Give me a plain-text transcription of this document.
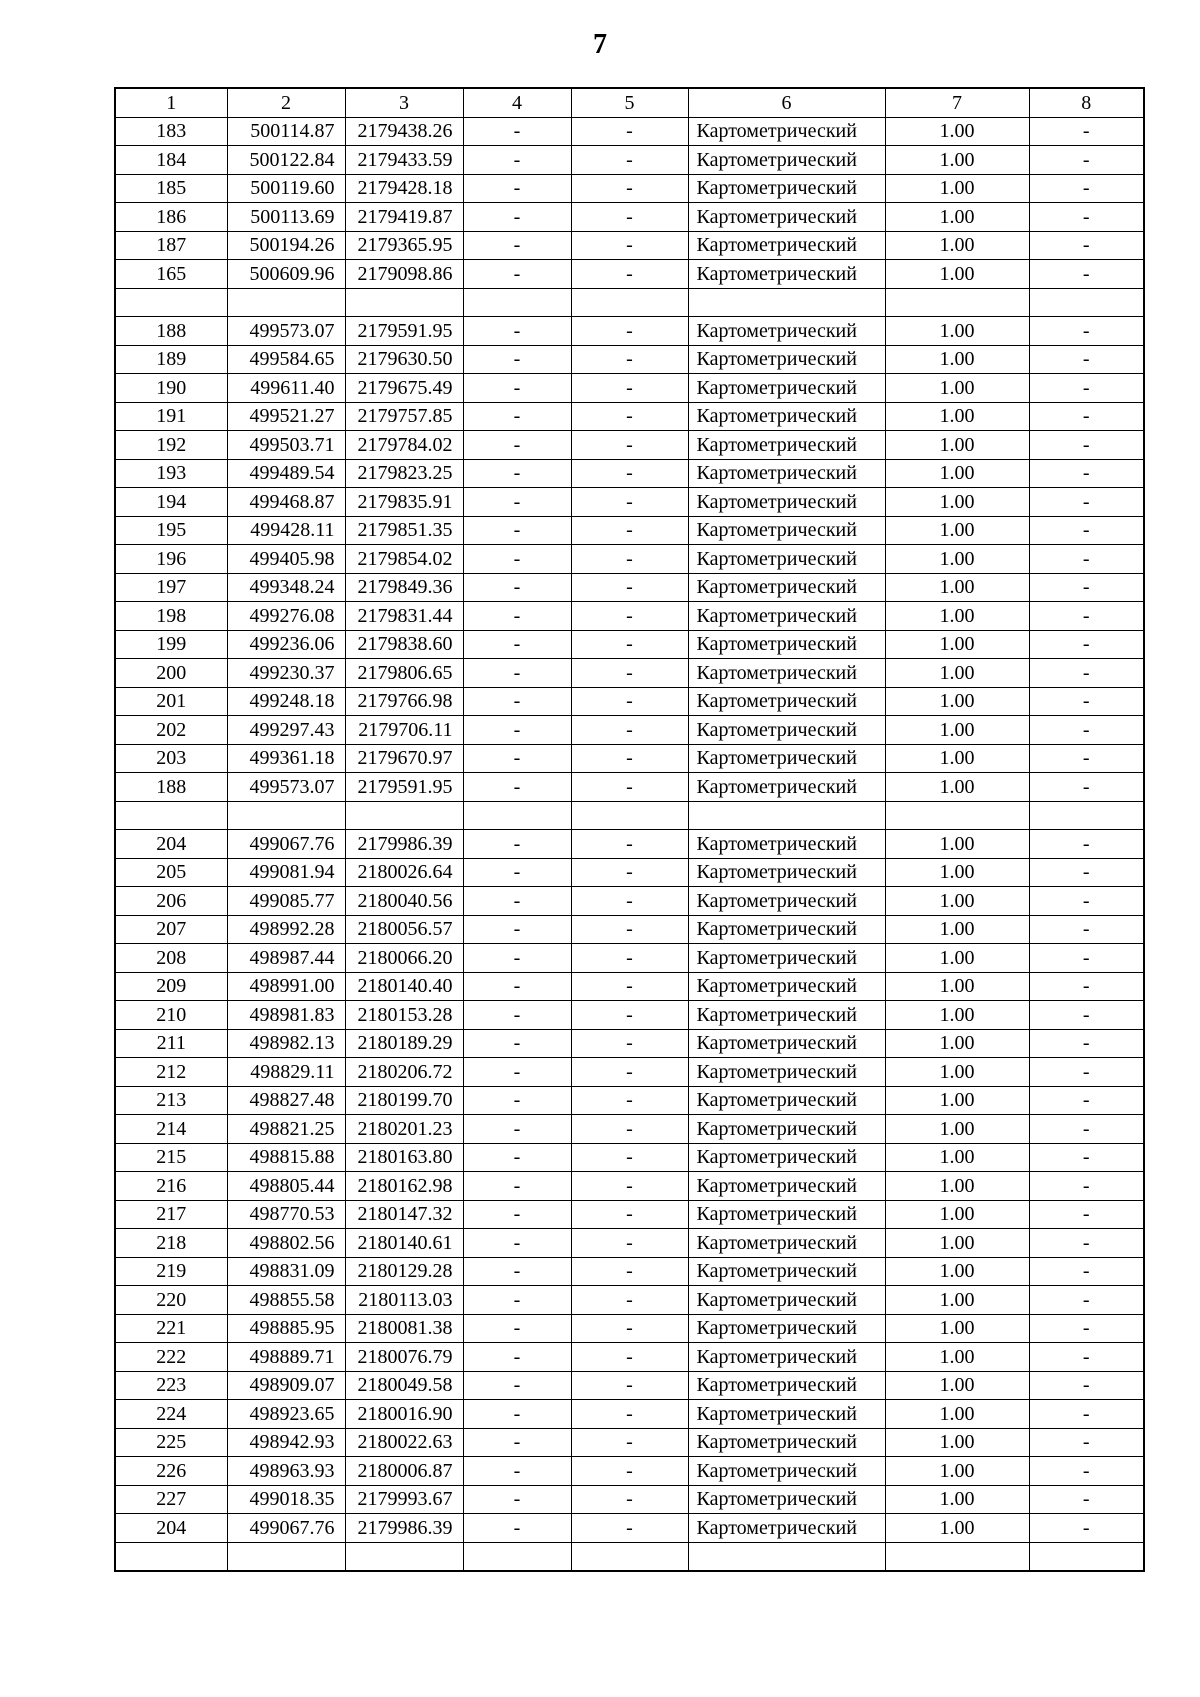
7
1	2	3	4	5	6	7	8
183	500114.87	2179438.26	-	-	Картометрический	1.00	-
184	500122.84	2179433.59	-	-	Картометрический	1.00	-
185	500119.60	2179428.18	-	-	Картометрический	1.00	-
186	500113.69	2179419.87	-	-	Картометрический	1.00	-
187	500194.26	2179365.95	-	-	Картометрический	1.00	-
165	500609.96	2179098.86	-	-	Картометрический	1.00	-

188	499573.07	2179591.95	-	-	Картометрический	1.00	-
189	499584.65	2179630.50	-	-	Картометрический	1.00	-
190	499611.40	2179675.49	-	-	Картометрический	1.00	-
191	499521.27	2179757.85	-	-	Картометрический	1.00	-
192	499503.71	2179784.02	-	-	Картометрический	1.00	-
193	499489.54	2179823.25	-	-	Картометрический	1.00	-
194	499468.87	2179835.91	-	-	Картометрический	1.00	-
195	499428.11	2179851.35	-	-	Картометрический	1.00	-
196	499405.98	2179854.02	-	-	Картометрический	1.00	-
197	499348.24	2179849.36	-	-	Картометрический	1.00	-
198	499276.08	2179831.44	-	-	Картометрический	1.00	-
199	499236.06	2179838.60	-	-	Картометрический	1.00	-
200	499230.37	2179806.65	-	-	Картометрический	1.00	-
201	499248.18	2179766.98	-	-	Картометрический	1.00	-
202	499297.43	2179706.11	-	-	Картометрический	1.00	-
203	499361.18	2179670.97	-	-	Картометрический	1.00	-
188	499573.07	2179591.95	-	-	Картометрический	1.00	-

204	499067.76	2179986.39	-	-	Картометрический	1.00	-
205	499081.94	2180026.64	-	-	Картометрический	1.00	-
206	499085.77	2180040.56	-	-	Картометрический	1.00	-
207	498992.28	2180056.57	-	-	Картометрический	1.00	-
208	498987.44	2180066.20	-	-	Картометрический	1.00	-
209	498991.00	2180140.40	-	-	Картометрический	1.00	-
210	498981.83	2180153.28	-	-	Картометрический	1.00	-
211	498982.13	2180189.29	-	-	Картометрический	1.00	-
212	498829.11	2180206.72	-	-	Картометрический	1.00	-
213	498827.48	2180199.70	-	-	Картометрический	1.00	-
214	498821.25	2180201.23	-	-	Картометрический	1.00	-
215	498815.88	2180163.80	-	-	Картометрический	1.00	-
216	498805.44	2180162.98	-	-	Картометрический	1.00	-
217	498770.53	2180147.32	-	-	Картометрический	1.00	-
218	498802.56	2180140.61	-	-	Картометрический	1.00	-
219	498831.09	2180129.28	-	-	Картометрический	1.00	-
220	498855.58	2180113.03	-	-	Картометрический	1.00	-
221	498885.95	2180081.38	-	-	Картометрический	1.00	-
222	498889.71	2180076.79	-	-	Картометрический	1.00	-
223	498909.07	2180049.58	-	-	Картометрический	1.00	-
224	498923.65	2180016.90	-	-	Картометрический	1.00	-
225	498942.93	2180022.63	-	-	Картометрический	1.00	-
226	498963.93	2180006.87	-	-	Картометрический	1.00	-
227	499018.35	2179993.67	-	-	Картометрический	1.00	-
204	499067.76	2179986.39	-	-	Картометрический	1.00	-
